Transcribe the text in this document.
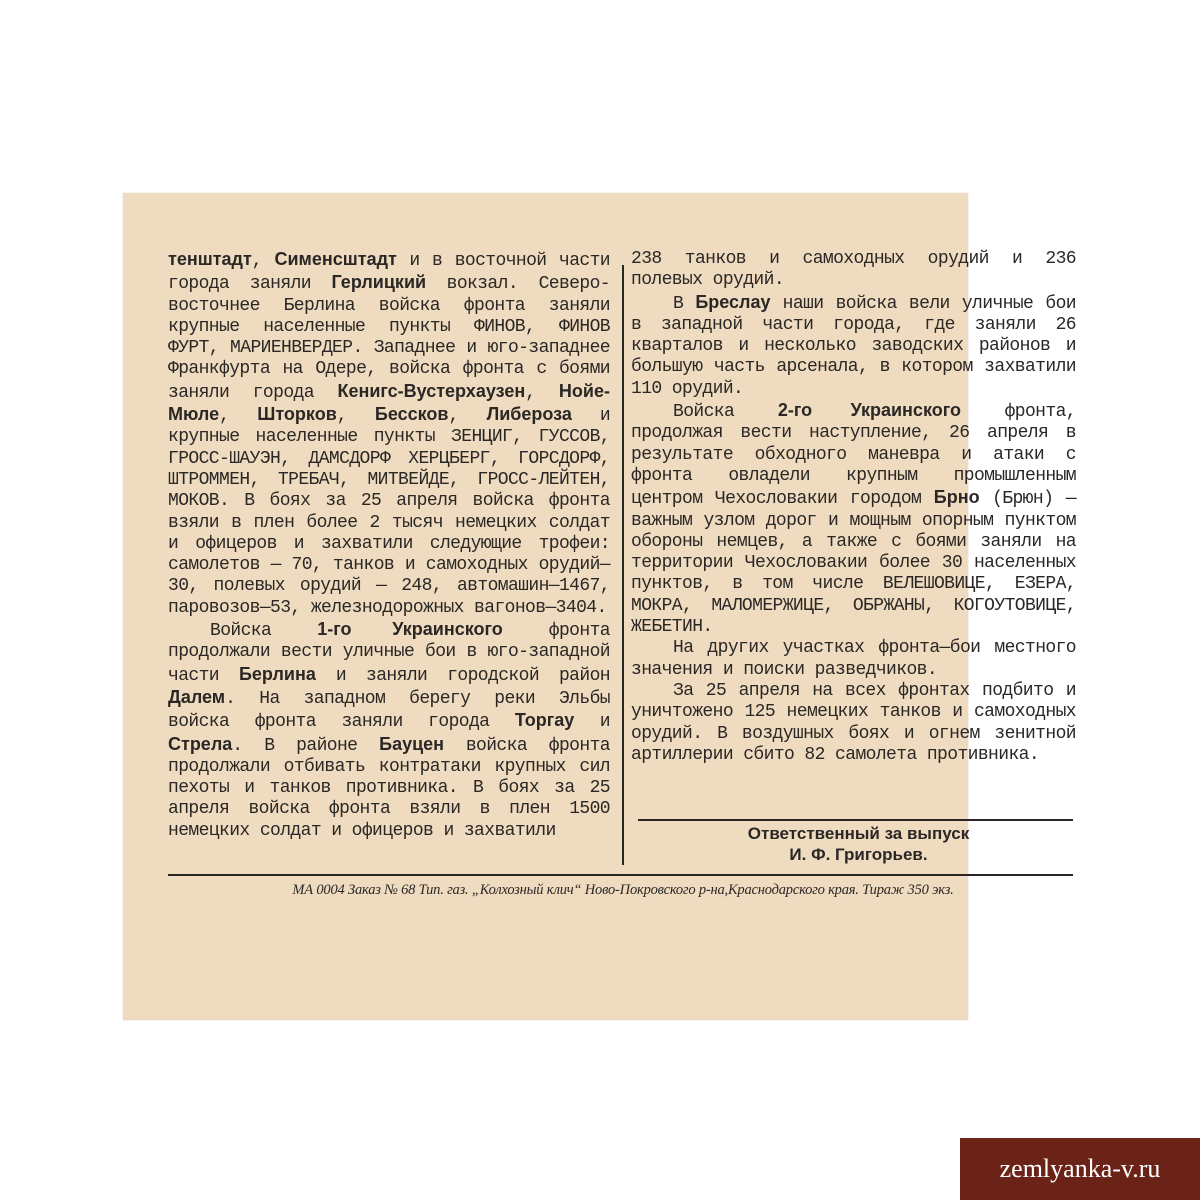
тенштадт, Сименсштадт и в восточной части города заняли Герлицкий вокзал. Северо-восточнее Берлина войска фронта заняли крупные населенные пункты ФИНОВ, ФИНОВ ФУРТ, МАРИЕНВЕРДЕР. Западнее и юго-западнее Франкфурта на Одере, войска фронта с боями заняли города Кенигс-Вустерхаузен, Нойе-Мюле, Шторков, Бессков, Либероза и крупные населенные пункты ЗЕНЦИГ, ГУССОВ, ГРОСС-ШАУЭН, ДАМСДОРФ ХЕРЦБЕРГ, ГОРСДОРФ, ШТРОММЕН, ТРЕБАЧ, МИТВЕЙДЕ, ГРОСС-ЛЕЙТЕН, МОКОВ. В боях за 25 апреля войска фронта взяли в плен более 2 тысяч немецких солдат и офицеров и захватили следующие трофеи: самолетов — 70, танков и самоходных орудий—30, полевых орудий — 248, автомашин—1467, паровозов—53, железнодорожных вагонов—3404.

Войска 1-го Украинского фронта продолжали вести уличные бои в юго-западной части Берлина и заняли городской район Далем. На западном берегу реки Эльбы войска фронта заняли города Торгау и Стрела. В районе Бауцен войска фронта продолжали отбивать контратаки крупных сил пехоты и танков противника. В боях за 25 апреля войска фронта взяли в плен 1500 немецких солдат и офицеров и захватили

238 танков и самоходных орудий и 236 полевых орудий.

В Бреслау наши войска вели уличные бои в западной части города, где заняли 26 кварталов и несколько заводских районов и большую часть арсенала, в котором захватили 110 орудий.

Войска 2-го Украинского фронта, продолжая вести наступление, 26 апреля в результате обходного маневра и атаки с фронта овладели крупным промышленным центром Чехословакии городом Брно (Брюн) — важным узлом дорог и мощным опорным пунктом обороны немцев, а также с боями заняли на территории Чехословакии более 30 населенных пунктов, в том числе ВЕЛЕШОВИЦЕ, ЕЗЕРА, МОКРА, МАЛОМЕРЖИЦЕ, ОБРЖАНЫ, КОГОУТОВИЦЕ, ЖЕБЕТИН.

На других участках фронта—бои местного значения и поиски разведчиков.

За 25 апреля на всех фронтах подбито и уничтожено 125 немецких танков и самоходных орудий. В воздушных боях и огнем зенитной артиллерии сбито 82 самолета противника.

Ответственный за выпуск
И. Ф. Григорьев.
МА 0004 Заказ № 68 Тип. газ. „Колхозный клич“ Ново-Покровского р-на,Краснодарского края. Тираж 350 экз.
zemlyanka-v.ru
